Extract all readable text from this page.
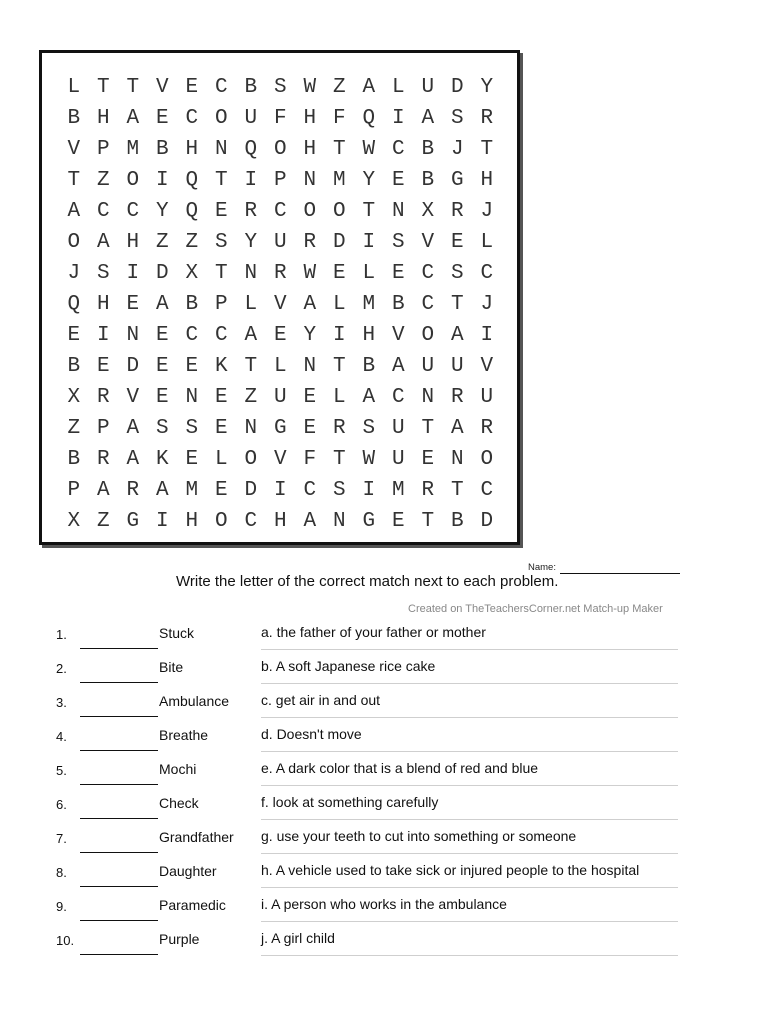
L T T V E C B S W Z A L U D Y
B H A E C O U F H F Q I A S R
V P M B H N Q O H T W C B J T
T Z O I Q T I P N M Y E B G H
A C C Y Q E R C O O T N X R J
O A H Z Z S Y U R D I S V E L
J S I D X T N R W E L E C S C
Q H E A B P L V A L M B C T J
E I N E C C A E Y I H V O A I
B E D E E K T L N T B A U U V
X R V E N E Z U E L A C N R U
Z P A S S E N G E R S U T A R
B R A K E L O V F T W U E N O
P A R A M E D I C S I M R T C
X Z G I H O C H A N G E T B D
Name:
Write the letter of the correct match next to each problem.
Created on TheTeachersCorner.net Match-up Maker
1.	Stuck	a. the father of your father or mother
2.	Bite	b. A soft Japanese rice cake
3.	Ambulance c. get air in and out
4.	Breathe	d. Doesn't move
5.	Mochi	e. A dark color that is a blend of red and blue
6.	Check	f. look at something carefully
7.	Grandfather g. use your teeth to cut into something or someone
8.	Daughter	h. A vehicle used to take sick or injured people to the hospital
9.	Paramedic	i. A person who works in the ambulance
10.	Purple	j. A girl child
